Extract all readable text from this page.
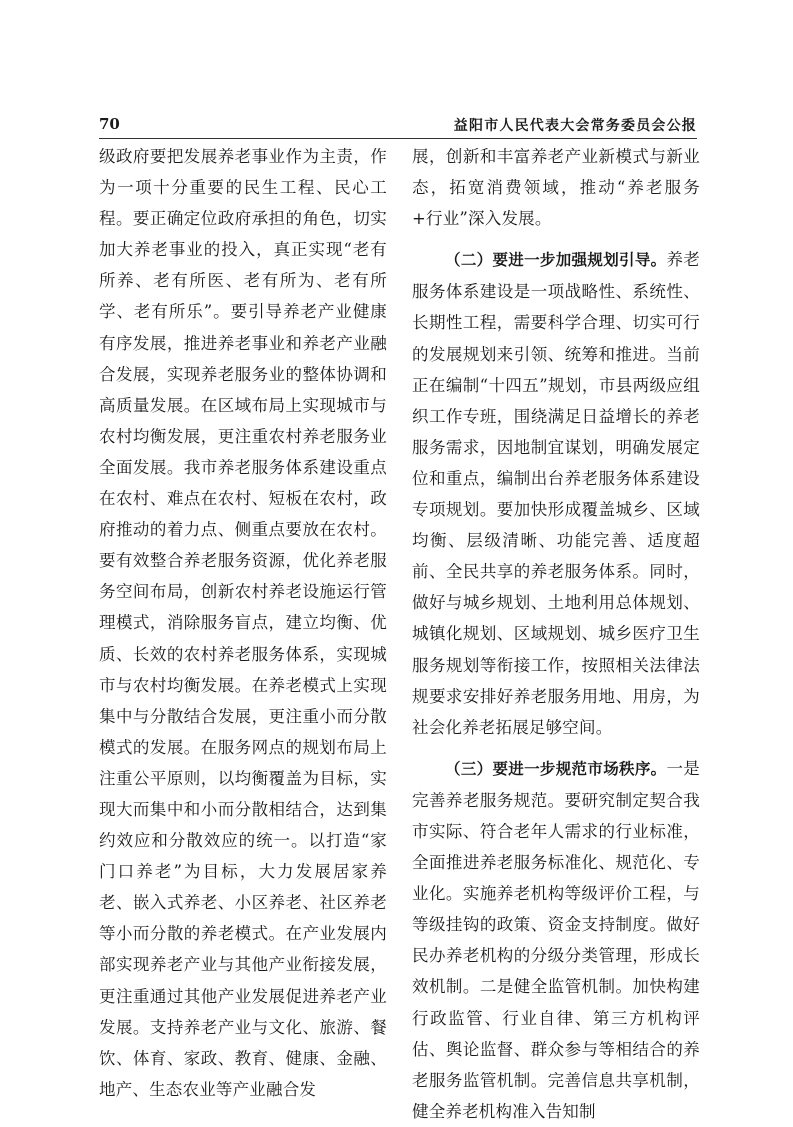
70	益阳市人民代表大会常务委员会公报

级政府要把发展养老事业作为主责，作为一项十分重要的民生工程、民心工程。要正确定位政府承担的角色，切实加大养老事业的投入，真正实现“老有所养、老有所医、老有所为、老有所学、老有所乐”。要引导养老产业健康有序发展，推进养老事业和养老产业融合发展，实现养老服务业的整体协调和高质量发展。在区域布局上实现城市与农村均衡发展，更注重农村养老服务业全面发展。我市养老服务体系建设重点在农村、难点在农村、短板在农村，政府推动的着力点、侧重点要放在农村。要有效整合养老服务资源，优化养老服务空间布局，创新农村养老设施运行管理模式，消除服务盲点，建立均衡、优质、长效的农村养老服务体系，实现城市与农村均衡发展。在养老模式上实现集中与分散结合发展，更注重小而分散模式的发展。在服务网点的规划布局上注重公平原则，以均衡覆盖为目标，实现大而集中和小而分散相结合，达到集约效应和分散效应的统一。以打造“家门口养老”为目标，大力发展居家养老、嵌入式养老、小区养老、社区养老等小而分散的养老模式。在产业发展内部实现养老产业与其他产业衔接发展，更注重通过其他产业发展促进养老产业发展。支持养老产业与文化、旅游、餐饮、体育、家政、教育、健康、金融、地产、生态农业等产业融合发

展，创新和丰富养老产业新模式与新业态，拓宽消费领域，推动“养老服务+行业”深入发展。

（二）要进一步加强规划引导。养老服务体系建设是一项战略性、系统性、长期性工程，需要科学合理、切实可行的发展规划来引领、统筹和推进。当前正在编制“十四五”规划，市县两级应组织工作专班，围绕满足日益增长的养老服务需求，因地制宜谋划，明确发展定位和重点，编制出台养老服务体系建设专项规划。要加快形成覆盖城乡、区域均衡、层级清晰、功能完善、适度超前、全民共享的养老服务体系。同时，做好与城乡规划、土地利用总体规划、城镇化规划、区域规划、城乡医疗卫生服务规划等衔接工作，按照相关法律法规要求安排好养老服务用地、用房，为社会化养老拓展足够空间。

（三）要进一步规范市场秩序。一是完善养老服务规范。要研究制定契合我市实际、符合老年人需求的行业标准，全面推进养老服务标准化、规范化、专业化。实施养老机构等级评价工程，与等级挂钩的政策、资金支持制度。做好民办养老机构的分级分类管理，形成长效机制。二是健全监管机制。加快构建行政监管、行业自律、第三方机构评估、舆论监督、群众参与等相结合的养老服务监管机制。完善信息共享机制，健全养老机构准入告知制
